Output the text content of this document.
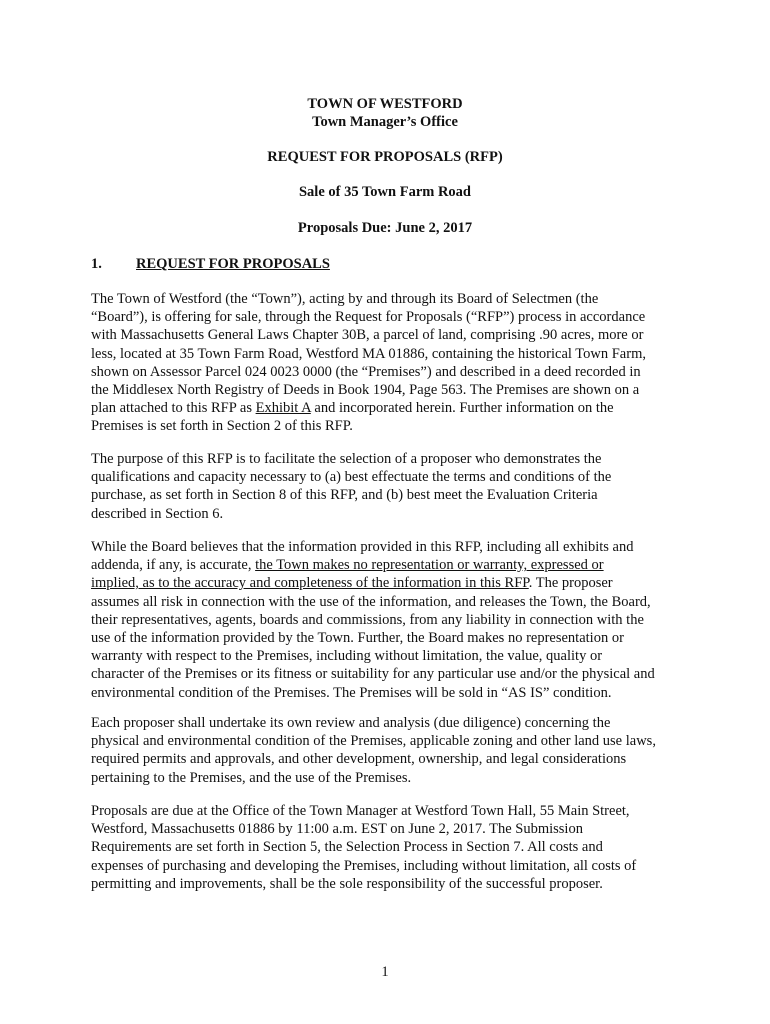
TOWN OF WESTFORD

Town Manager’s Office

REQUEST FOR PROPOSALS (RFP)

Sale of 35 Town Farm Road

Proposals Due: June 2, 2017

1. REQUEST FOR PROPOSALS

The Town of Westford (the “Town”), acting by and through its Board of Selectmen (the
“Board”), is offering for sale, through the Request for Proposals (“RFP”) process in accordance
with Massachusetts General Laws Chapter 30B, a parcel of land, comprising .90 acres, more or
less, located at 35 Town Farm Road, Westford MA 01886, containing the historical Town Farm,
shown on Assessor Parcel 024 0023 0000 (the “Premises”) and described in a deed recorded in
the Middlesex North Registry of Deeds in Book 1904, Page 563. The Premises are shown on a
plan attached to this RFP as Exhibit A and incorporated herein. Further information on the
Premises is set forth in Section 2 of this RFP.

The purpose of this RFP is to facilitate the selection of a proposer who demonstrates the
qualifications and capacity necessary to (a) best effectuate the terms and conditions of the
purchase, as set forth in Section 8 of this RFP, and (b) best meet the Evaluation Criteria
described in Section 6.

While the Board believes that the information provided in this RFP, including all exhibits and
addenda, if any, is accurate, the Town makes no representation or warranty, expressed or
implied, as to the accuracy and completeness of the information in this RFP. The proposer
assumes all risk in connection with the use of the information, and releases the Town, the Board,
their representatives, agents, boards and commissions, from any liability in connection with the
use of the information provided by the Town. Further, the Board makes no representation or
warranty with respect to the Premises, including without limitation, the value, quality or
character of the Premises or its fitness or suitability for any particular use and/or the physical and
environmental condition of the Premises. The Premises will be sold in “AS IS” condition.

Each proposer shall undertake its own review and analysis (due diligence) concerning the
physical and environmental condition of the Premises, applicable zoning and other land use laws,
required permits and approvals, and other development, ownership, and legal considerations
pertaining to the Premises, and the use of the Premises.

Proposals are due at the Office of the Town Manager at Westford Town Hall, 55 Main Street,
Westford, Massachusetts 01886 by 11:00 a.m. EST on June 2, 2017. The Submission
Requirements are set forth in Section 5, the Selection Process in Section 7. All costs and
expenses of purchasing and developing the Premises, including without limitation, all costs of
permitting and improvements, shall be the sole responsibility of the successful proposer.

1
